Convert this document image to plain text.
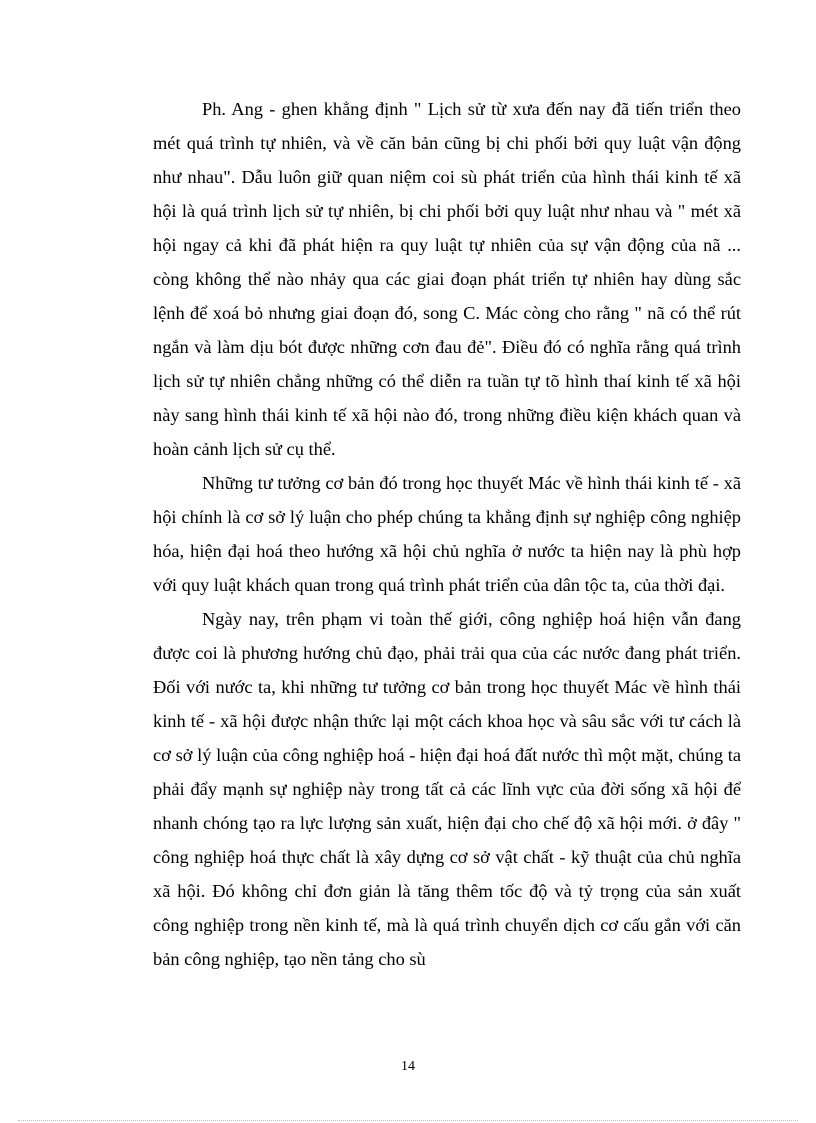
Ph. Ang - ghen khẳng định " Lịch sử từ xưa đến nay đã tiến triển theo mét quá trình tự nhiên, và về căn bản cũng bị chi phối bởi quy luật vận động như nhau". Dẫu luôn giữ quan niệm coi sù phát triển của hình thái kinh tế xã hội là quá trình lịch sử tự nhiên, bị chi phối bởi quy luật như nhau và " mét xã hội ngay cả khi đã phát hiện ra quy luật tự nhiên của sự vận động của nã ... còng không thể nào nhảy qua các giai đoạn phát triển tự nhiên hay dùng sắc lệnh để xoá bỏ nhưng giai đoạn đó, song C. Mác còng cho rằng " nã có thể rút ngắn và làm dịu bót được những cơn đau đẻ". Điều đó có nghĩa rằng quá trình lịch sử tự nhiên chẳng những có thể diễn ra tuần tự tõ hình thaí kinh tế xã hội này sang hình thái kinh tế xã hội nào đó, trong những điều kiện khách quan và hoàn cảnh lịch sử cụ thể.

Những tư tưởng cơ bản đó trong học thuyết Mác về hình thái kinh tế - xã hội chính là cơ sở lý luận cho phép chúng ta khẳng định sự nghiệp công nghiệp hóa, hiện đại hoá theo hướng xã hội chủ nghĩa ở nước ta hiện nay là phù hợp với quy luật khách quan trong quá trình phát triển của dân tộc ta, của thời đại.

Ngày nay, trên phạm vi toàn thế giới, công nghiệp hoá hiện vẫn đang được coi là phương hướng chủ đạo, phải trải qua của các nước đang phát triển. Đối với nước ta, khi những tư tưởng cơ bản trong học thuyết Mác về hình thái kinh tế - xã hội được nhận thức lại một cách khoa học và sâu sắc với tư cách là cơ sở lý luận của công nghiệp hoá - hiện đại hoá đất nước thì một mặt, chúng ta phải đẩy mạnh sự nghiệp này trong tất cả các lĩnh vực của đời sống xã hội để nhanh chóng tạo ra lực lượng sản xuất, hiện đại cho chế độ xã hội mới. ở đây " công nghiệp hoá thực chất là xây dựng cơ sở vật chất - kỹ thuật của chủ nghĩa xã hội. Đó không chỉ đơn giản là tăng thêm tốc độ và tỷ trọng của sản xuất công nghiệp trong nền kinh tế, mà là quá trình chuyển dịch cơ cấu gắn với căn bản công nghiệp, tạo nền tảng cho sù

14
